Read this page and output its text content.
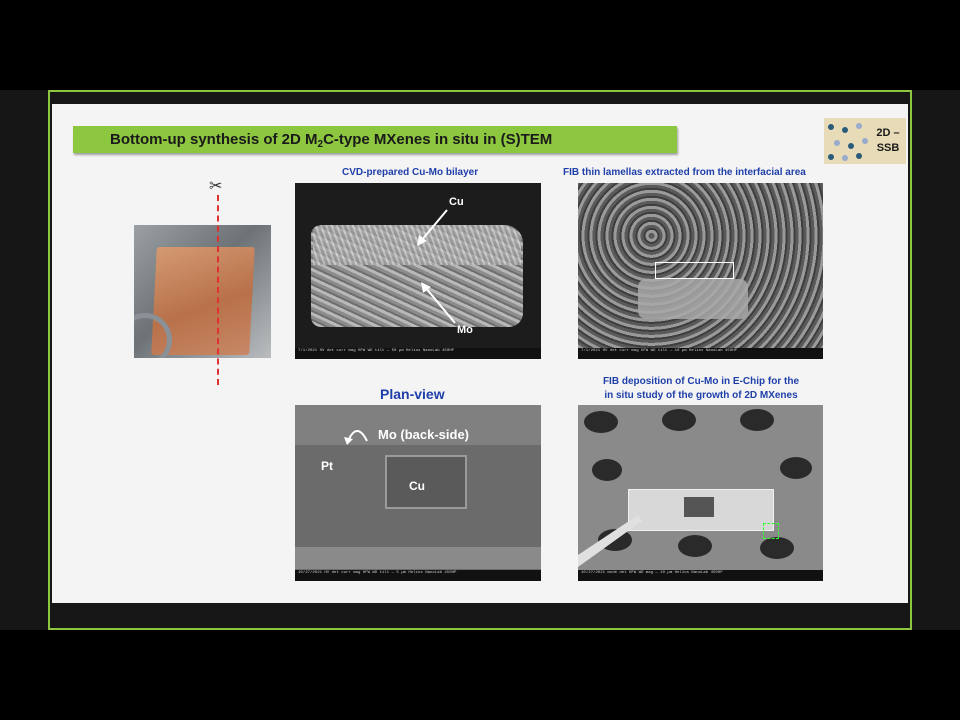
Bottom-up synthesis of 2D $M_2C$-type MXenes in situ in (S)TEM	2D – SSB
✂
CVD-prepared Cu-Mo bilayer
Cu
Mo
7/1/2021 HV det curr mag HFW WD tilt — 50 µm Helios NanoLab 450HP
FIB thin lamellas extracted from the interfacial area
7/1/2021 HV det curr mag HFW WD tilt — 10 µm Helios NanoLab 450HP
Plan-view
Mo (back-side)
Pt
Cu
10/27/2021 HV det curr mag HFW WD tilt — 5 µm Helios NanoLab 450HP
FIB deposition of Cu-Mo in E-Chip for the
in situ study of the growth of 2D MXenes
10/27/2021 mode det HFW WD mag — 10 µm Helios NanoLab 450HP
